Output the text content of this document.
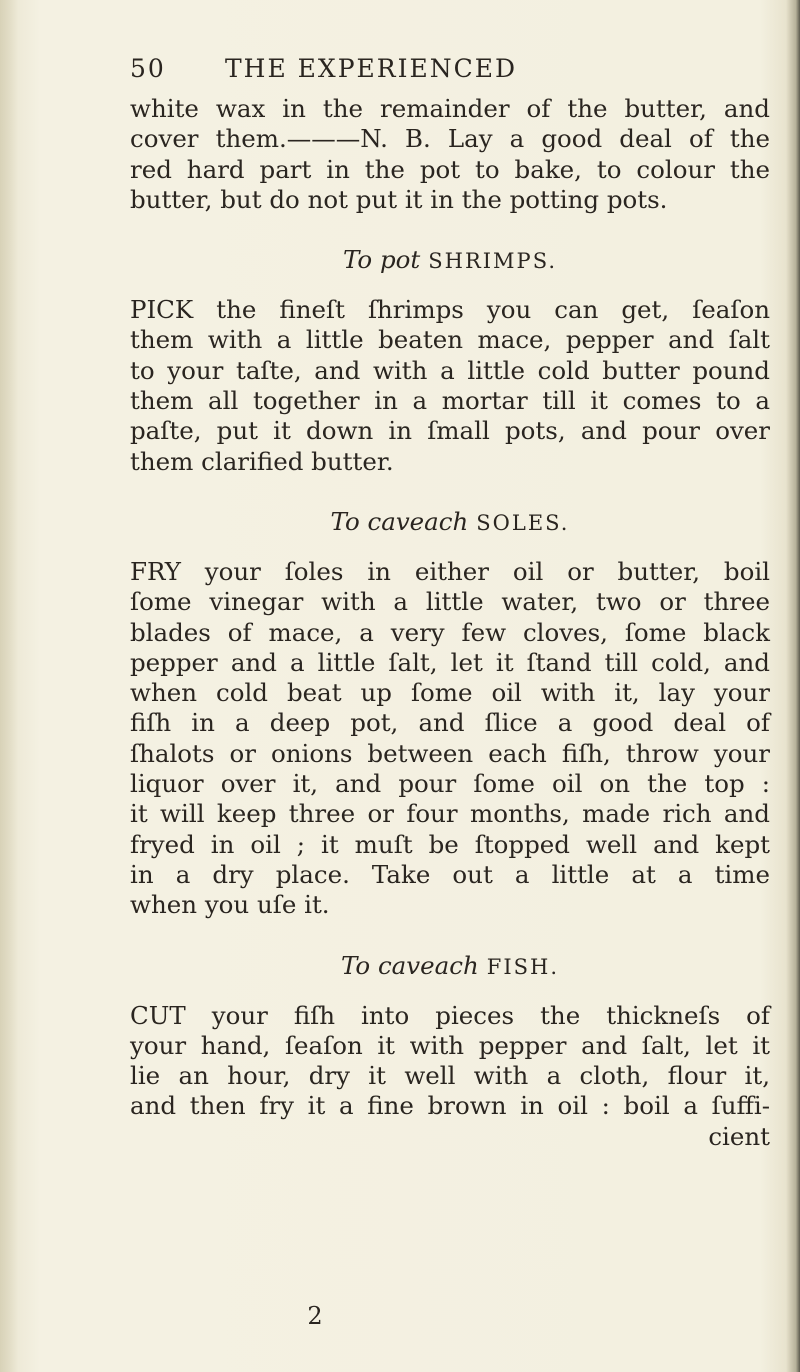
50 THE EXPERIENCED
white wax in the remainder of the butter, and
cover them.———N. B. Lay a good deal of the
red hard part in the pot to bake, to colour the
butter, but do not put it in the potting pots.
To pot SHRIMPS.
PICK the fineſt ſhrimps you can get, ſeaſon
them with a little beaten mace, pepper and ſalt
to your taſte, and with a little cold butter pound
them all together in a mortar till it comes to a
paſte, put it down in ſmall pots, and pour over
them clarified butter.
To caveach SOLES.
FRY your ſoles in either oil or butter, boil
ſome vinegar with a little water, two or three
blades of mace, a very few cloves, ſome black
pepper and a little ſalt, let it ſtand till cold, and
when cold beat up ſome oil with it, lay your
fiſh in a deep pot, and ſlice a good deal of
ſhalots or onions between each fiſh, throw your
liquor over it, and pour ſome oil on the top :
it will keep three or four months, made rich and
fryed in oil ; it muſt be ſtopped well and kept
in a dry place. Take out a little at a time
when you uſe it.
To caveach FISH.
CUT your fiſh into pieces the thickneſs of
your hand, ſeaſon it with pepper and ſalt, let it
lie an hour, dry it well with a cloth, flour it,
and then fry it a fine brown in oil : boil a ſuffi-
cient
2
